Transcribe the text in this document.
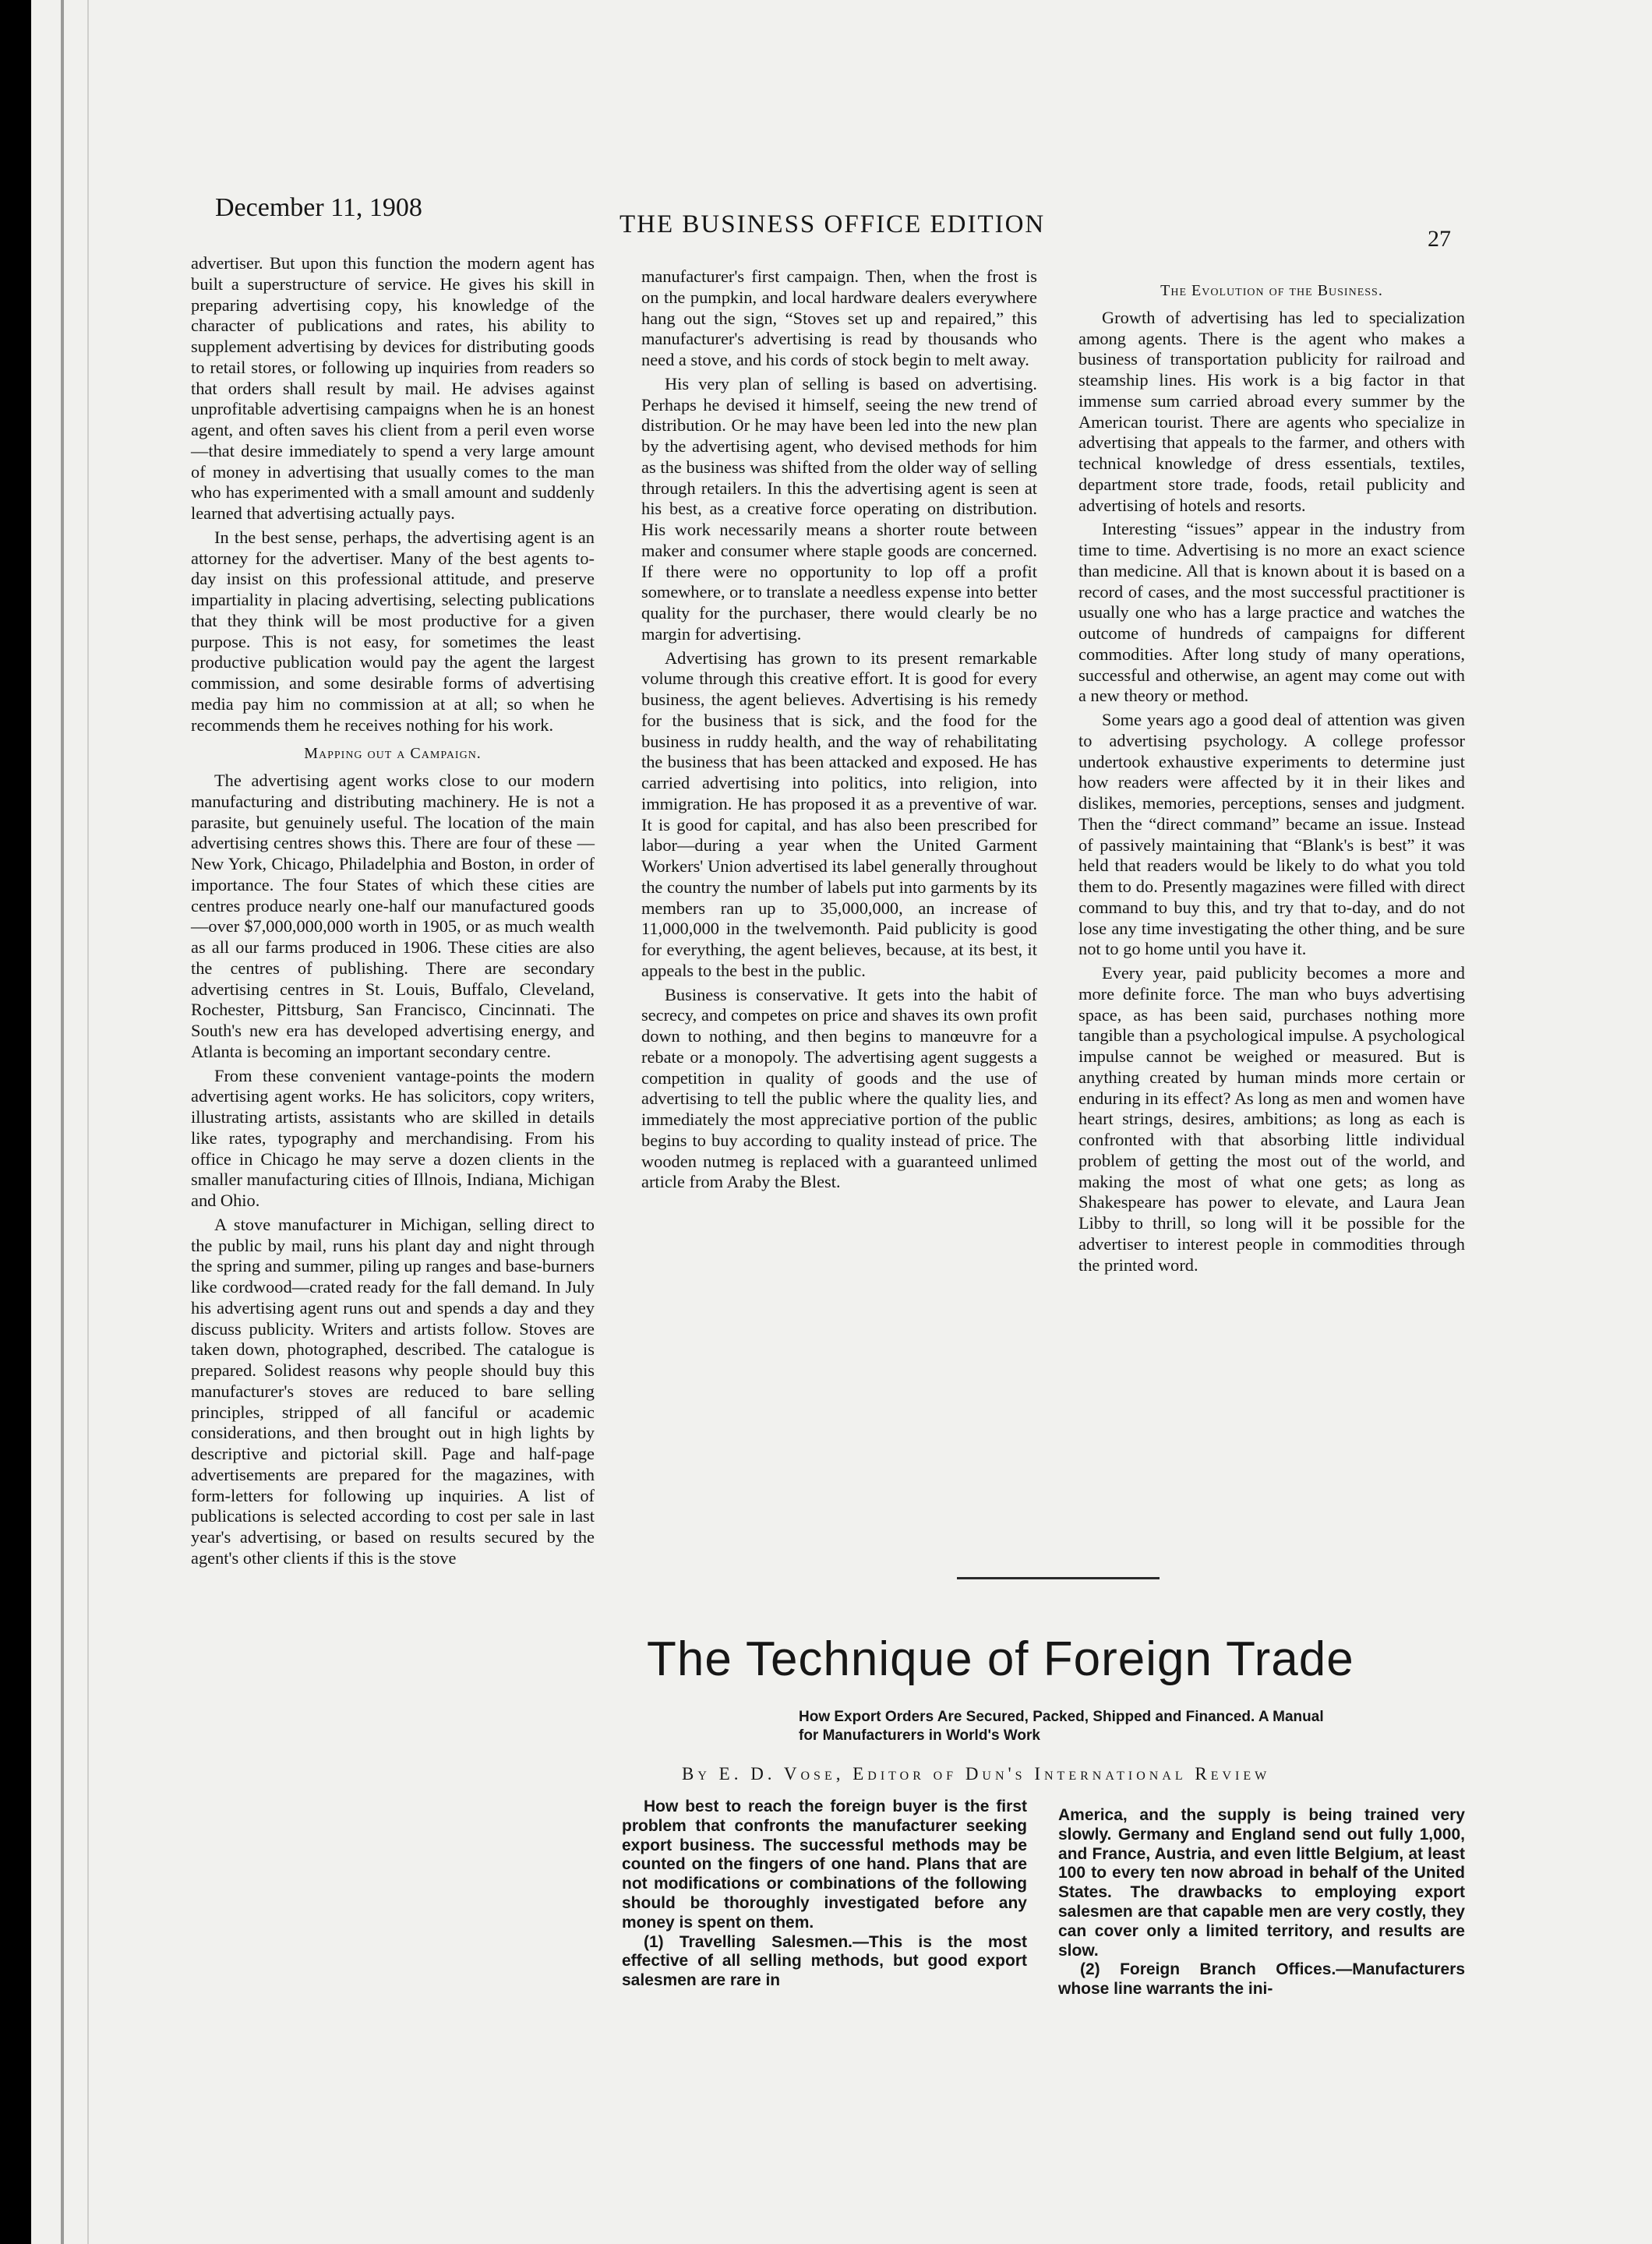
December 11, 1908
THE BUSINESS OFFICE EDITION
27

advertiser. But upon this function the modern agent has built a superstructure of service. He gives his skill in preparing advertising copy, his knowledge of the character of publications and rates, his ability to supplement advertising by devices for distributing goods to retail stores, or following up inquiries from readers so that orders shall result by mail. He advises against unprofitable advertising campaigns when he is an honest agent, and often saves his client from a peril even worse—that desire immediately to spend a very large amount of money in advertising that usually comes to the man who has experimented with a small amount and suddenly learned that advertising actually pays.

In the best sense, perhaps, the advertising agent is an attorney for the advertiser. Many of the best agents to-day insist on this professional attitude, and preserve impartiality in placing advertising, selecting publications that they think will be most productive for a given purpose. This is not easy, for sometimes the least productive publication would pay the agent the largest commission, and some desirable forms of advertising media pay him no commission at at all; so when he recommends them he receives nothing for his work.

Mapping out a Campaign.

The advertising agent works close to our modern manufacturing and distributing machinery. He is not a parasite, but genuinely useful. The location of the main advertising centres shows this. There are four of these —New York, Chicago, Philadelphia and Boston, in order of importance. The four States of which these cities are centres produce nearly one-half our manufactured goods —over $7,000,000,000 worth in 1905, or as much wealth as all our farms produced in 1906. These cities are also the centres of publishing. There are secondary advertising centres in St. Louis, Buffalo, Cleveland, Rochester, Pittsburg, San Francisco, Cincinnati. The South's new era has developed advertising energy, and Atlanta is becoming an important secondary centre.

From these convenient vantage-points the modern advertising agent works. He has solicitors, copy writers, illustrating artists, assistants who are skilled in details like rates, typography and merchandising. From his office in Chicago he may serve a dozen clients in the smaller manufacturing cities of Illnois, Indiana, Michigan and Ohio.

A stove manufacturer in Michigan, selling direct to the public by mail, runs his plant day and night through the spring and summer, piling up ranges and base-burners like cordwood—crated ready for the fall demand. In July his advertising agent runs out and spends a day and they discuss publicity. Writers and artists follow. Stoves are taken down, photographed, described. The catalogue is prepared. Solidest reasons why people should buy this manufacturer's stoves are reduced to bare selling principles, stripped of all fanciful or academic considerations, and then brought out in high lights by descriptive and pictorial skill. Page and half-page advertisements are prepared for the magazines, with form-letters for following up inquiries. A list of publications is selected according to cost per sale in last year's advertising, or based on results secured by the agent's other clients if this is the stove

manufacturer's first campaign. Then, when the frost is on the pumpkin, and local hardware dealers everywhere hang out the sign, “Stoves set up and repaired,” this manufacturer's advertising is read by thousands who need a stove, and his cords of stock begin to melt away.

His very plan of selling is based on advertising. Perhaps he devised it himself, seeing the new trend of distribution. Or he may have been led into the new plan by the advertising agent, who devised methods for him as the business was shifted from the older way of selling through retailers. In this the advertising agent is seen at his best, as a creative force operating on distribution. His work necessarily means a shorter route between maker and consumer where staple goods are concerned. If there were no opportunity to lop off a profit somewhere, or to translate a needless expense into better quality for the purchaser, there would clearly be no margin for advertising.

Advertising has grown to its present remarkable volume through this creative effort. It is good for every business, the agent believes. Advertising is his remedy for the business that is sick, and the food for the business in ruddy health, and the way of rehabilitating the business that has been attacked and exposed. He has carried advertising into politics, into religion, into immigration. He has proposed it as a preventive of war. It is good for capital, and has also been prescribed for labor—during a year when the United Garment Workers' Union advertised its label generally throughout the country the number of labels put into garments by its members ran up to 35,000,000, an increase of 11,000,000 in the twelvemonth. Paid publicity is good for everything, the agent believes, because, at its best, it appeals to the best in the public.

Business is conservative. It gets into the habit of secrecy, and competes on price and shaves its own profit down to nothing, and then begins to manœuvre for a rebate or a monopoly. The advertising agent suggests a competition in quality of goods and the use of advertising to tell the public where the quality lies, and immediately the most appreciative portion of the public begins to buy according to quality instead of price. The wooden nutmeg is replaced with a guaranteed unlimed article from Araby the Blest.

The Evolution of the Business.

Growth of advertising has led to specialization among agents. There is the agent who makes a business of transportation publicity for railroad and steamship lines. His work is a big factor in that immense sum carried abroad every summer by the American tourist. There are agents who specialize in advertising that appeals to the farmer, and others with technical knowledge of dress essentials, textiles, department store trade, foods, retail publicity and advertising of hotels and resorts.

Interesting “issues” appear in the industry from time to time. Advertising is no more an exact science than medicine. All that is known about it is based on a record of cases, and the most successful practitioner is usually one who has a large practice and watches the outcome of hundreds of campaigns for different commodities. After long study of many operations, successful and otherwise, an agent may come out with a new theory or method.

Some years ago a good deal of attention was given to advertising psychology. A college professor undertook exhaustive experiments to determine just how readers were affected by it in their likes and dislikes, memories, perceptions, senses and judgment. Then the “direct command” became an issue. Instead of passively maintaining that “Blank's is best” it was held that readers would be likely to do what you told them to do. Presently magazines were filled with direct command to buy this, and try that to-day, and do not lose any time investigating the other thing, and be sure not to go home until you have it.

Every year, paid publicity becomes a more and more definite force. The man who buys advertising space, as has been said, purchases nothing more tangible than a psychological impulse. A psychological impulse cannot be weighed or measured. But is anything created by human minds more certain or enduring in its effect? As long as men and women have heart strings, desires, ambitions; as long as each is confronted with that absorbing little individual problem of getting the most out of the world, and making the most of what one gets; as long as Shakespeare has power to elevate, and Laura Jean Libby to thrill, so long will it be possible for the advertiser to interest people in commodities through the printed word.

The Technique of Foreign Trade
How Export Orders Are Secured, Packed, Shipped and Financed. A Manual for Manufacturers in World's Work
By E. D. Vose, Editor of Dun's International Review

How best to reach the foreign buyer is the first problem that confronts the manufacturer seeking export business. The successful methods may be counted on the fingers of one hand. Plans that are not modifications or combinations of the following should be thoroughly investigated before any money is spent on them.

(1) Travelling Salesmen.—This is the most effective of all selling methods, but good export salesmen are rare in

America, and the supply is being trained very slowly. Germany and England send out fully 1,000, and France, Austria, and even little Belgium, at least 100 to every ten now abroad in behalf of the United States. The drawbacks to employing export salesmen are that capable men are very costly, they can cover only a limited territory, and results are slow.

(2) Foreign Branch Offices.—Manufacturers whose line warrants the ini-
